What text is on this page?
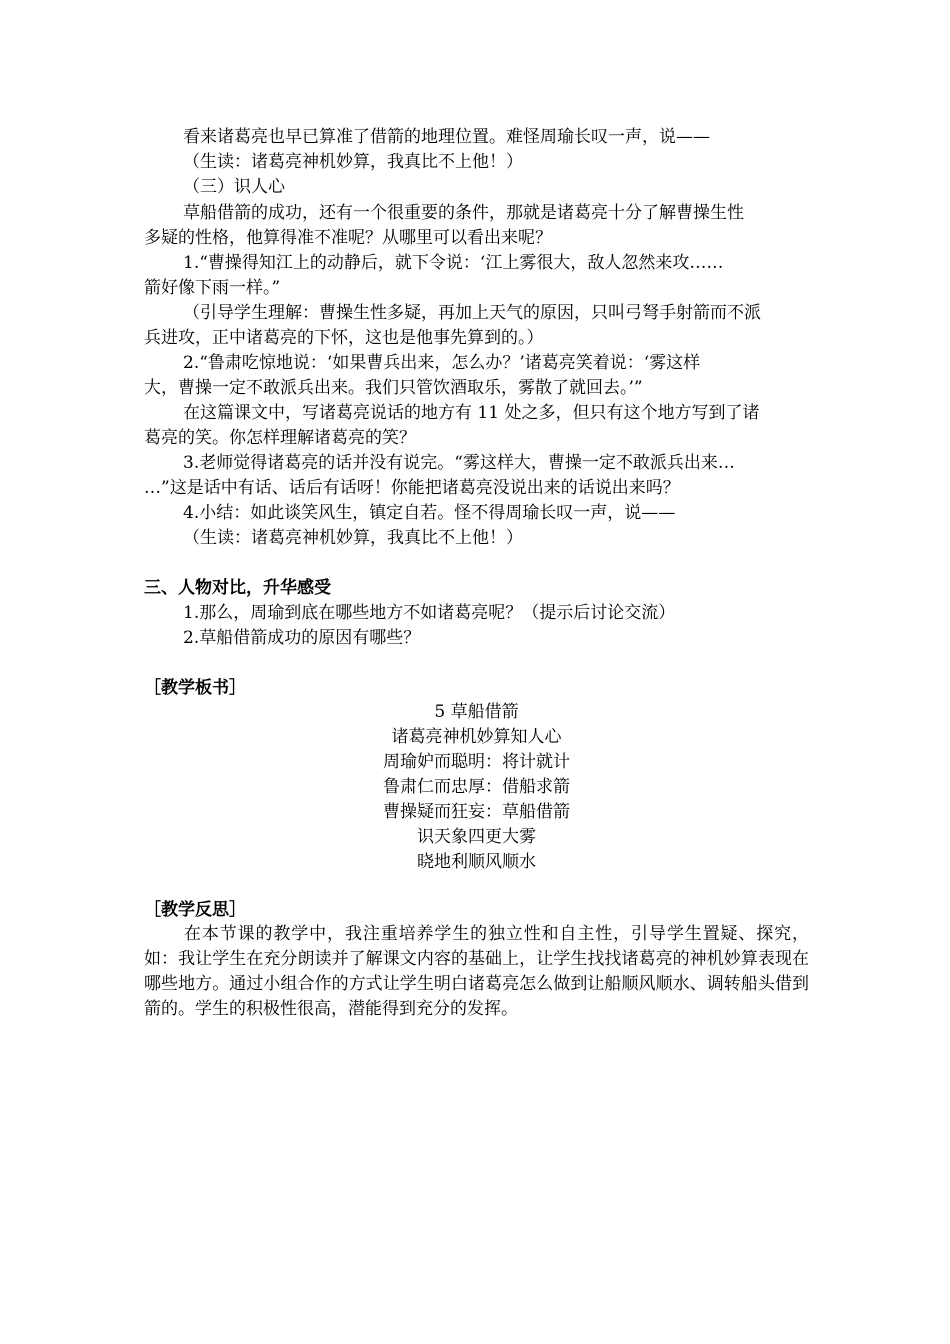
看来诸葛亮也早已算准了借箭的地理位置。难怪周瑜长叹一声，说——
（生读：诸葛亮神机妙算，我真比不上他！）
（三）识人心
草船借箭的成功，还有一个很重要的条件，那就是诸葛亮十分了解曹操生性
多疑的性格，他算得准不准呢？从哪里可以看出来呢？
1.“曹操得知江上的动静后，就下令说：‘江上雾很大，敌人忽然来攻……
箭好像下雨一样。”
（引导学生理解：曹操生性多疑，再加上天气的原因，只叫弓弩手射箭而不派
兵进攻，正中诸葛亮的下怀，这也是他事先算到的。）
2.“鲁肃吃惊地说：‘如果曹兵出来，怎么办？’诸葛亮笑着说：‘雾这样
大，曹操一定不敢派兵出来。我们只管饮酒取乐，雾散了就回去。’”
在这篇课文中，写诸葛亮说话的地方有 11 处之多，但只有这个地方写到了诸
葛亮的笑。你怎样理解诸葛亮的笑？
3.老师觉得诸葛亮的话并没有说完。“雾这样大，曹操一定不敢派兵出来…
…”这是话中有话、话后有话呀！你能把诸葛亮没说出来的话说出来吗？
4.小结：如此谈笑风生，镇定自若。怪不得周瑜长叹一声，说——
（生读：诸葛亮神机妙算，我真比不上他！）
三、人物对比，升华感受
1.那么，周瑜到底在哪些地方不如诸葛亮呢？（提示后讨论交流）
2.草船借箭成功的原因有哪些？
［教学板书］
5 草船借箭
诸葛亮神机妙算知人心
周瑜妒而聪明：将计就计
鲁肃仁而忠厚：借船求箭
曹操疑而狂妄：草船借箭
识天象四更大雾
晓地利顺风顺水
［教学反思］
在本节课的教学中，我注重培养学生的独立性和自主性，引导学生置疑、探究，如：我让学生在充分朗读并了解课文内容的基础上，让学生找找诸葛亮的神机妙算表现在哪些地方。通过小组合作的方式让学生明白诸葛亮怎么做到让船顺风顺水、调转船头借到箭的。学生的积极性很高，潜能得到充分的发挥。
